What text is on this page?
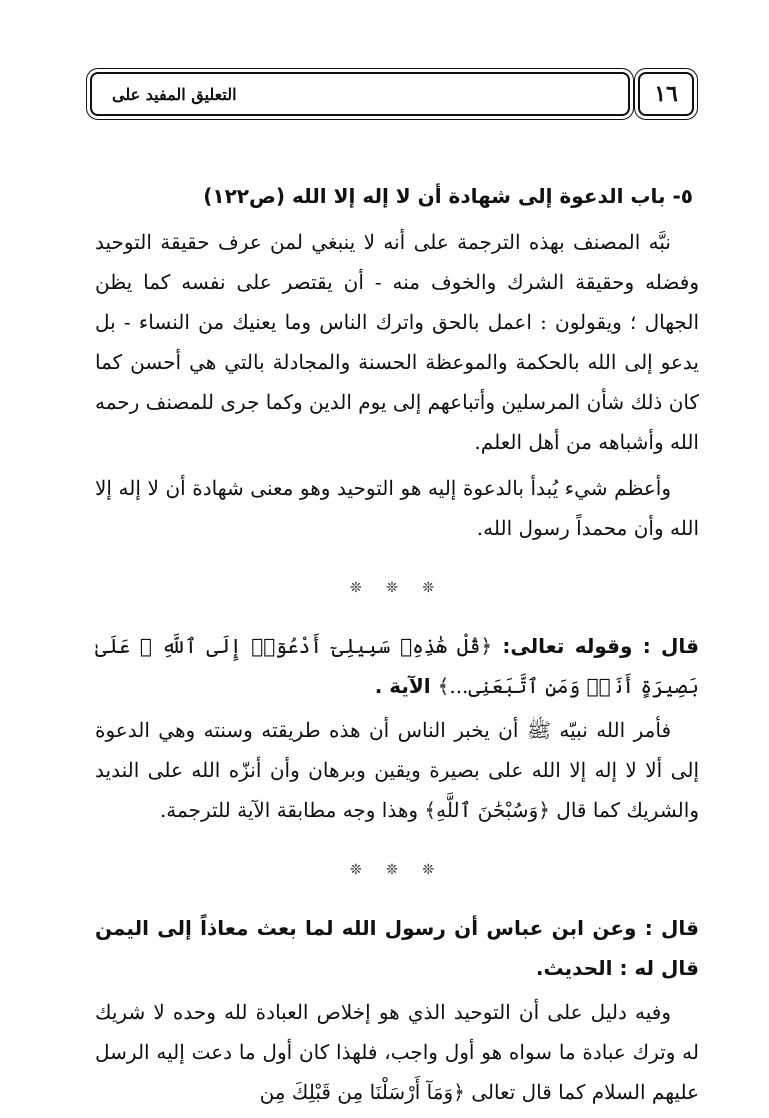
١٦
التعليق المفيد على
٥- باب الدعوة إلى شهادة أن لا إله إلا الله (ص١٢٢)

نبَّه المصنف بهذه الترجمة على أنه لا ينبغي لمن عرف حقيقة التوحيد وفضله وحقيقة الشرك والخوف منه - أن يقتصر على نفسه كما يظن الجهال ؛ ويقولون : اعمل بالحق واترك الناس وما يعنيك من النساء - بل يدعو إلى الله بالحكمة والموعظة الحسنة والمجادلة بالتي هي أحسن كما كان ذلك شأن المرسلين وأتباعهم إلى يوم الدين وكما جرى للمصنف رحمه الله وأشباهه من أهل العلم.

وأعظم شيء يُبدأ بالدعوة إليه هو التوحيد وهو معنى شهادة أن لا إله إلا الله وأن محمداً رسول الله.

❊ ❊ ❊
قال : وقوله تعالى: ﴿قُلْ هَٰذِهِۦ سَبِيلِىٓ أَدْعُوٓا۟ إِلَى ٱللَّهِ ۚ عَلَىٰ بَصِيرَةٍ أَنَا۠ وَمَنِ ٱتَّبَعَنِى...﴾ الآية .

فأمر الله نبيّه ﷺ أن يخبر الناس أن هذه طريقته وسنته وهي الدعوة إلى ألا لا إله إلا الله على بصيرة ويقين وبرهان وأن أنزّه الله على النديد والشريك كما قال ﴿وَسُبْحَٰنَ ٱللَّهِ﴾ وهذا وجه مطابقة الآية للترجمة.

❊ ❊ ❊
قال : وعن ابن عباس أن رسول الله لما بعث معاذاً إلى اليمن قال له : الحديث.

وفيه دليل على أن التوحيد الذي هو إخلاص العبادة لله وحده لا شريك له وترك عبادة ما سواه هو أول واجب، فلهذا كان أول ما دعت إليه الرسل عليهم السلام كما قال تعالى ﴿وَمَآ أَرْسَلْنَا مِن قَبْلِكَ مِن
